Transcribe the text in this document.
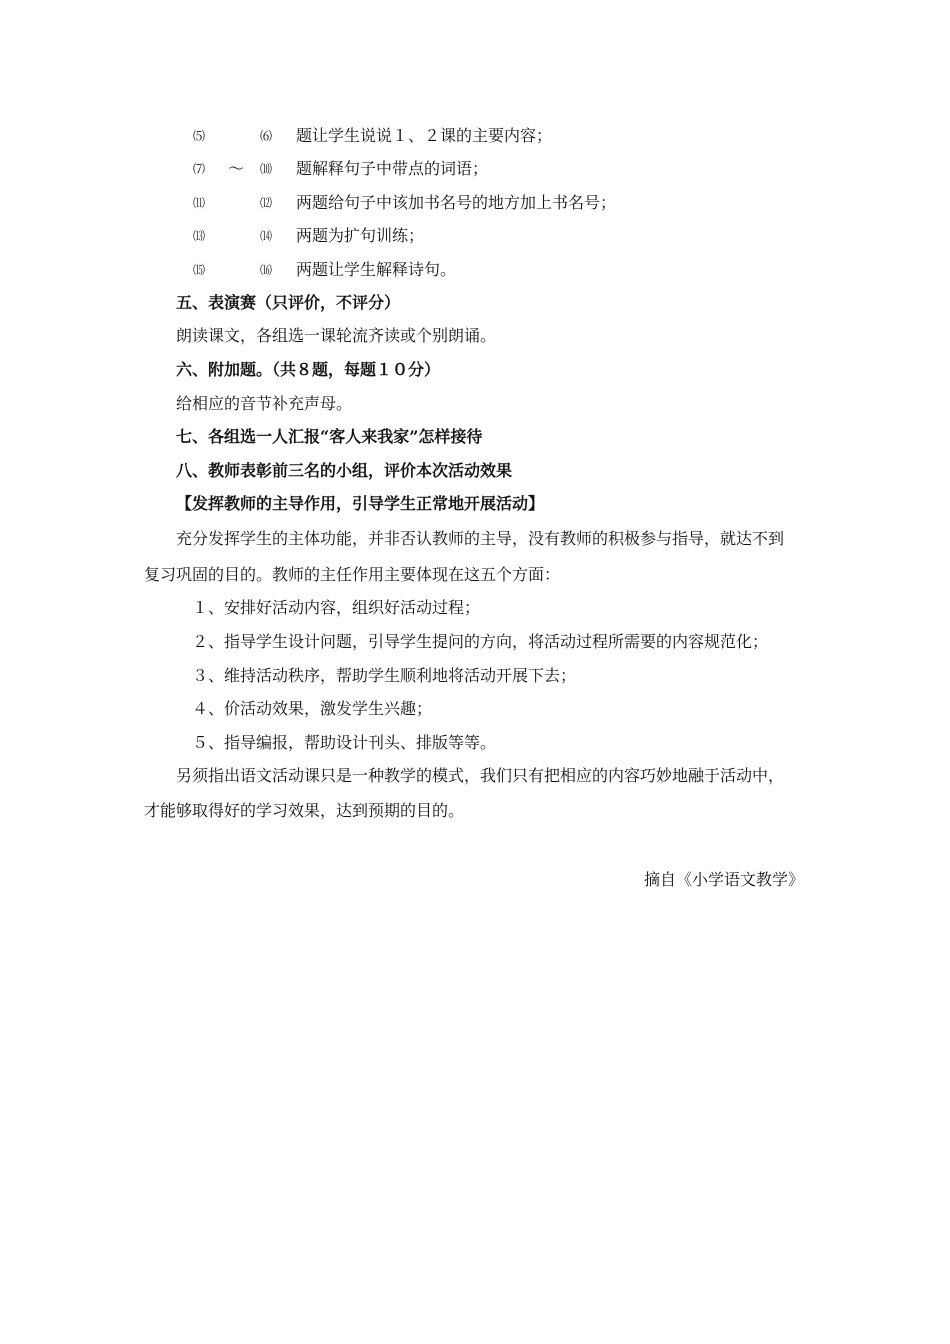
⑸	⑹ 题让学生说说１、２课的主要内容；
⑺ ～ ⑽ 题解释句子中带点的词语；
⑾	⑿ 两题给句子中该加书名号的地方加上书名号；
⒀	⒁ 两题为扩句训练；
⒂	⒃ 两题让学生解释诗句。
五、表演赛（只评价，不评分）
朗读课文，各组选一课轮流齐读或个别朗诵。
六、附加题。（共８题，每题１０分）
给相应的音节补充声母。
七、各组选一人汇报“客人来我家”怎样接待
八、教师表彰前三名的小组，评价本次活动效果
【发挥教师的主导作用，引导学生正常地开展活动】
充分发挥学生的主体功能，并非否认教师的主导，没有教师的积极参与指导，就达不到
复习巩固的目的。教师的主任作用主要体现在这五个方面：
１、安排好活动内容，组织好活动过程；
２、指导学生设计问题，引导学生提问的方向，将活动过程所需要的内容规范化；
３、维持活动秩序，帮助学生顺利地将活动开展下去；
４、价活动效果，激发学生兴趣；
５、指导编报，帮助设计刊头、排版等等。
另须指出语文活动课只是一种教学的模式，我们只有把相应的内容巧妙地融于活动中，
才能够取得好的学习效果，达到预期的目的。
摘自《小学语文教学》
